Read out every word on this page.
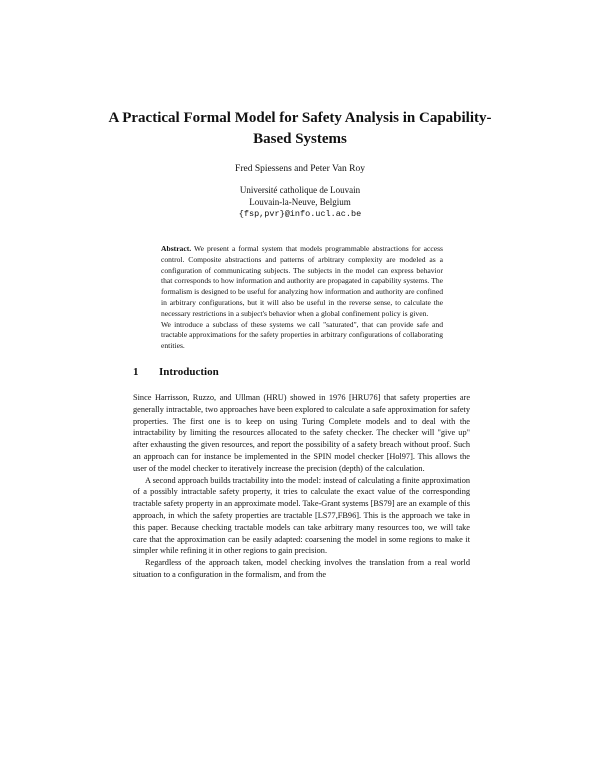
A Practical Formal Model for Safety Analysis in Capability-Based Systems
Fred Spiessens and Peter Van Roy
Université catholique de Louvain
Louvain-la-Neuve, Belgium
{fsp,pvr}@info.ucl.ac.be

Abstract. We present a formal system that models programmable abstractions for access control. Composite abstractions and patterns of arbitrary complexity are modeled as a configuration of communicating subjects. The subjects in the model can express behavior that corresponds to how information and authority are propagated in capability systems. The formalism is designed to be useful for analyzing how information and authority are confined in arbitrary configurations, but it will also be useful in the reverse sense, to calculate the necessary restrictions in a subject's behavior when a global confinement policy is given.

We introduce a subclass of these systems we call "saturated", that can provide safe and tractable approximations for the safety properties in arbitrary configurations of collaborating entities.

1 Introduction

Since Harrisson, Ruzzo, and Ullman (HRU) showed in 1976 [HRU76] that safety properties are generally intractable, two approaches have been explored to calculate a safe approximation for safety properties. The first one is to keep on using Turing Complete models and to deal with the intractability by limiting the resources allocated to the safety checker. The checker will "give up" after exhausting the given resources, and report the possibility of a safety breach without proof. Such an approach can for instance be implemented in the SPIN model checker [Hol97]. This allows the user of the model checker to iteratively increase the precision (depth) of the calculation.

A second approach builds tractability into the model: instead of calculating a finite approximation of a possibly intractable safety property, it tries to calculate the exact value of the corresponding tractable safety property in an approximate model. Take-Grant systems [BS79] are an example of this approach, in which the safety properties are tractable [LS77,FB96]. This is the approach we take in this paper. Because checking tractable models can take arbitrary many resources too, we will take care that the approximation can be easily adapted: coarsening the model in some regions to make it simpler while refining it in other regions to gain precision.

Regardless of the approach taken, model checking involves the translation from a real world situation to a configuration in the formalism, and from the
